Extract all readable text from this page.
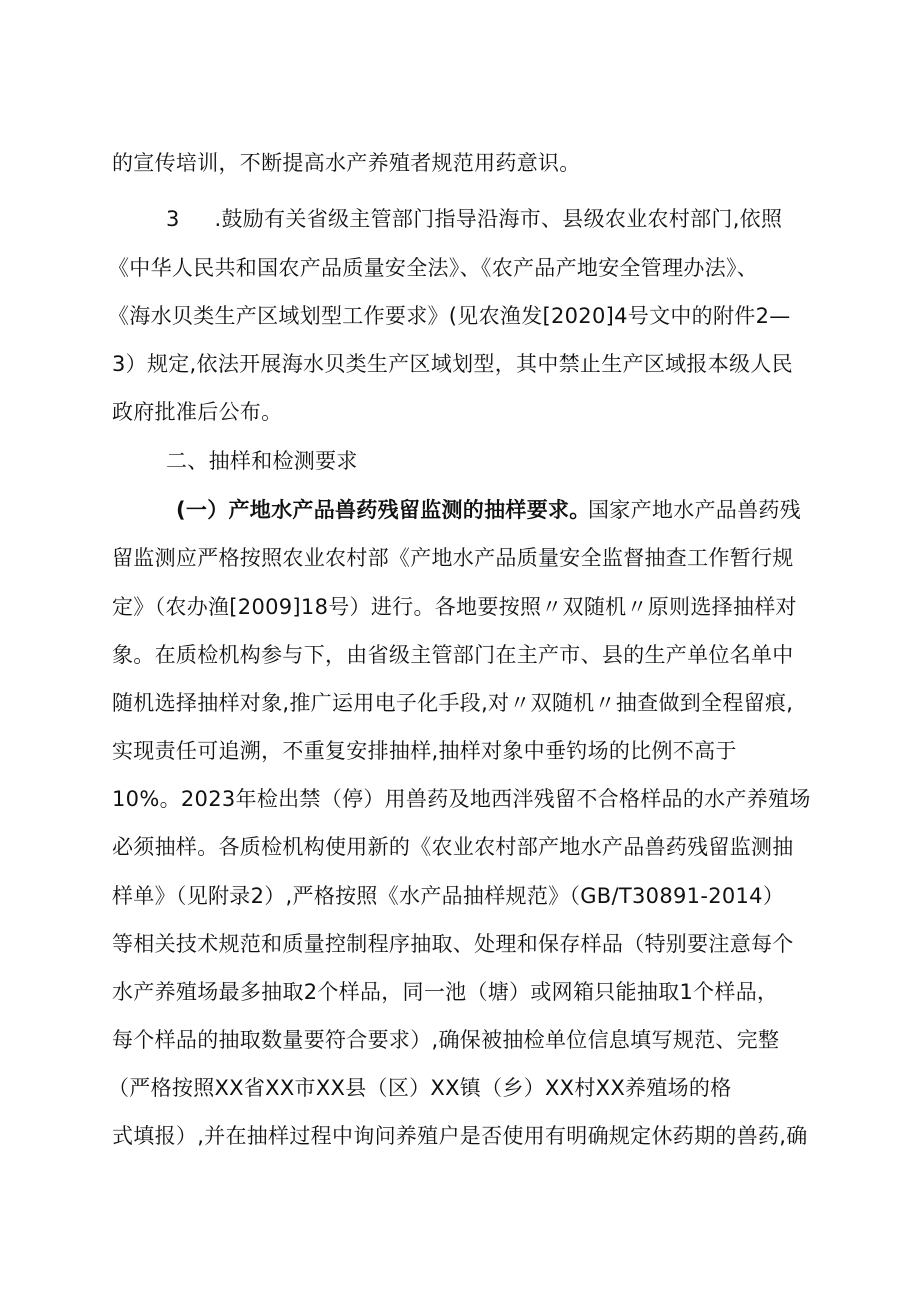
的宣传培训，不断提高水产养殖者规范用药意识。
3     .鼓励有关省级主管部门指导沿海市、县级农业农村部门,依照
《中华人民共和国农产品质量安全法》、《农产品产地安全管理办法》、
《海水贝类生产区域划型工作要求》(见农渔发[2020]4号文中的附件2—
3）规定,依法开展海水贝类生产区域划型，其中禁止生产区域报本级人民
政府批准后公布。
二、抽样和检测要求
(一）产地水产品兽药残留监测的抽样要求。
国家产地水产品兽药残
留监测应严格按照农业农村部《产地水产品质量安全监督抽查工作暂行规
定》（农办渔[2009]18号）进行。各地要按照〃双随机〃原则选择抽样对
象。在质检机构参与下，由省级主管部门在主产市、县的生产单位名单中
随机选择抽样对象,推广运用电子化手段,对〃双随机〃抽查做到全程留痕,
实现责任可追溯，不重复安排抽样,抽样对象中垂钓场的比例不高于
10%。2023年检出禁（停）用兽药及地西泮残留不合格样品的水产养殖场
必须抽样。各质检机构使用新的《农业农村部产地水产品兽药残留监测抽
样单》（见附录2）,严格按照《水产品抽样规范》（GB/T30891-2014）
等相关技术规范和质量控制程序抽取、处理和保存样品（特别要注意每个
水产养殖场最多抽取2个样品，同一池（塘）或网箱只能抽取1个样品，
每个样品的抽取数量要符合要求）,确保被抽检单位信息填写规范、完整
（严格按照XX省XX市XX县（区）XX镇（乡）XX村XX养殖场的格
式填报）,并在抽样过程中询问养殖户是否使用有明确规定休药期的兽药,确
